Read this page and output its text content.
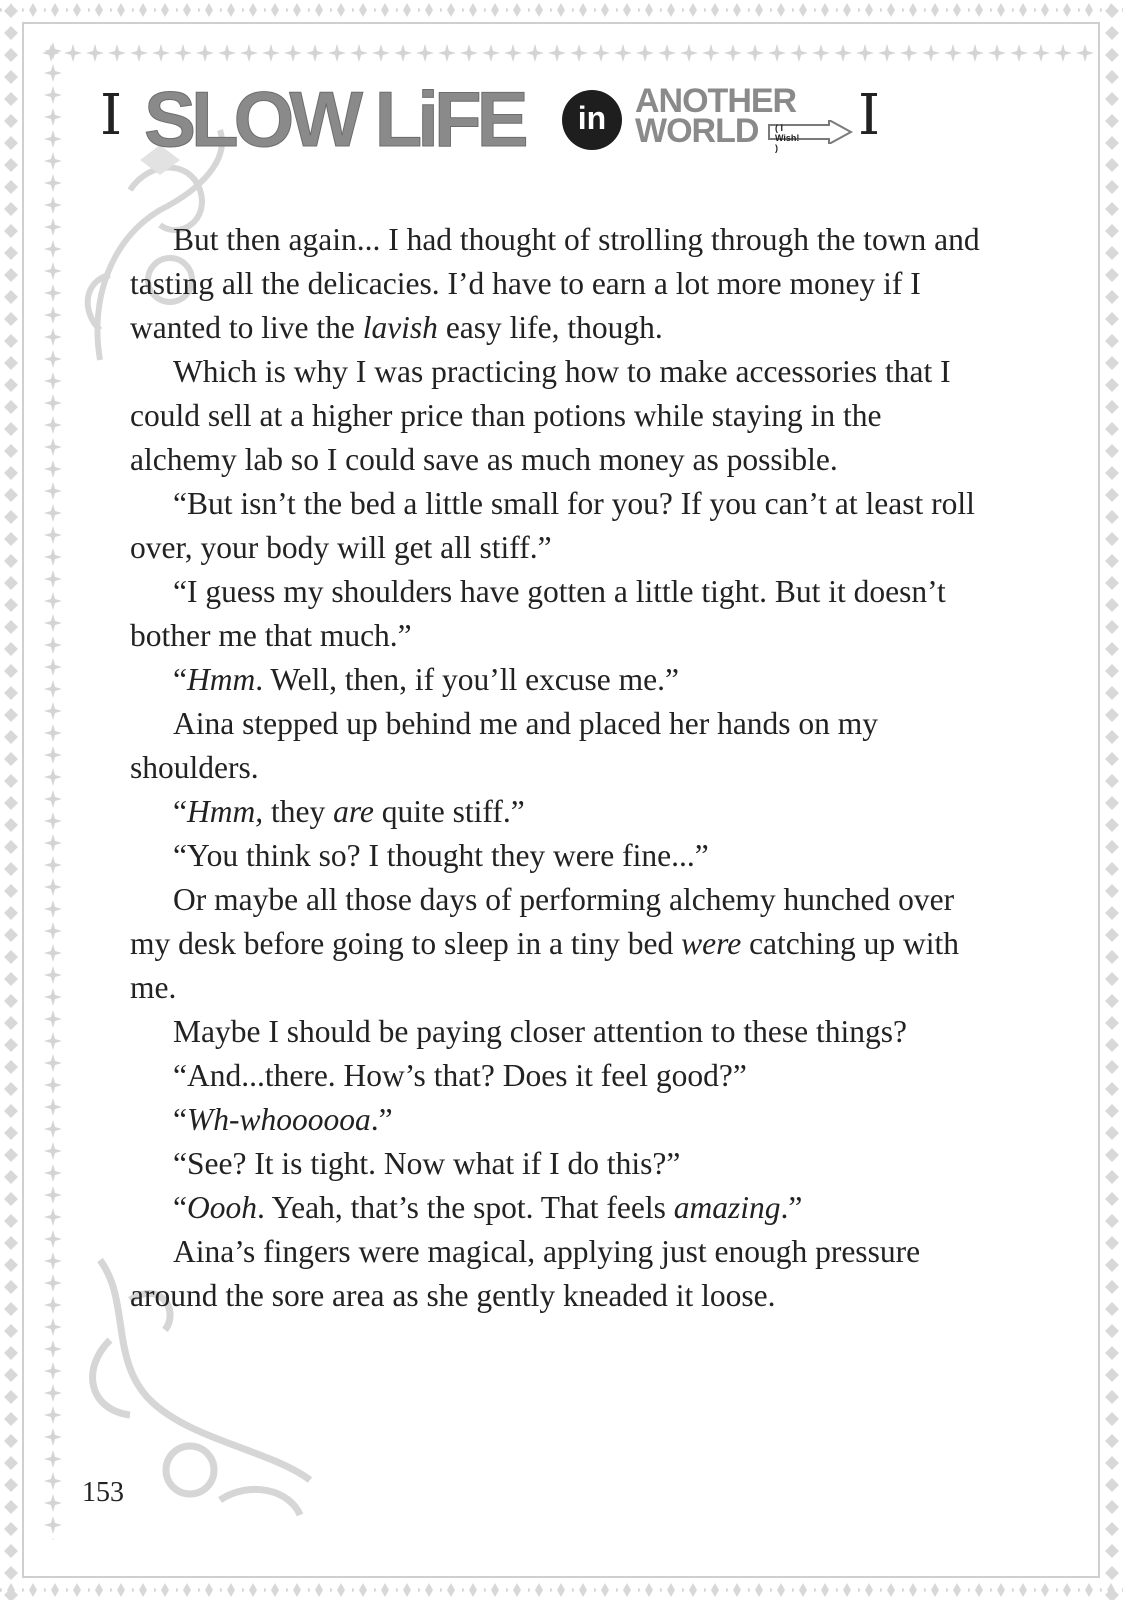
I SLOW LiFE	in ANOTHER
WORLD ( I Wish! )	I

But then again... I had thought of strolling through the town and tasting all the delicacies. I’d have to earn a lot more money if I wanted to live the lavish easy life, though.

Which is why I was practicing how to make accessories that I could sell at a higher price than potions while staying in the alchemy lab so I could save as much money as possible.

“But isn’t the bed a little small for you? If you can’t at least roll over, your body will get all stiff.”

“I guess my shoulders have gotten a little tight. But it doesn’t bother me that much.”

“Hmm. Well, then, if you’ll excuse me.”

Aina stepped up behind me and placed her hands on my shoulders.

“Hmm, they are quite stiff.”

“You think so? I thought they were fine...”

Or maybe all those days of performing alchemy hunched over my desk before going to sleep in a tiny bed were catching up with me.

Maybe I should be paying closer attention to these things?

“And...there. How’s that? Does it feel good?”

“Wh-whoooooa.”

“See? It is tight. Now what if I do this?”

“Oooh. Yeah, that’s the spot. That feels amazing.”

Aina’s fingers were magical, applying just enough pressure around the sore area as she gently kneaded it loose.

153
